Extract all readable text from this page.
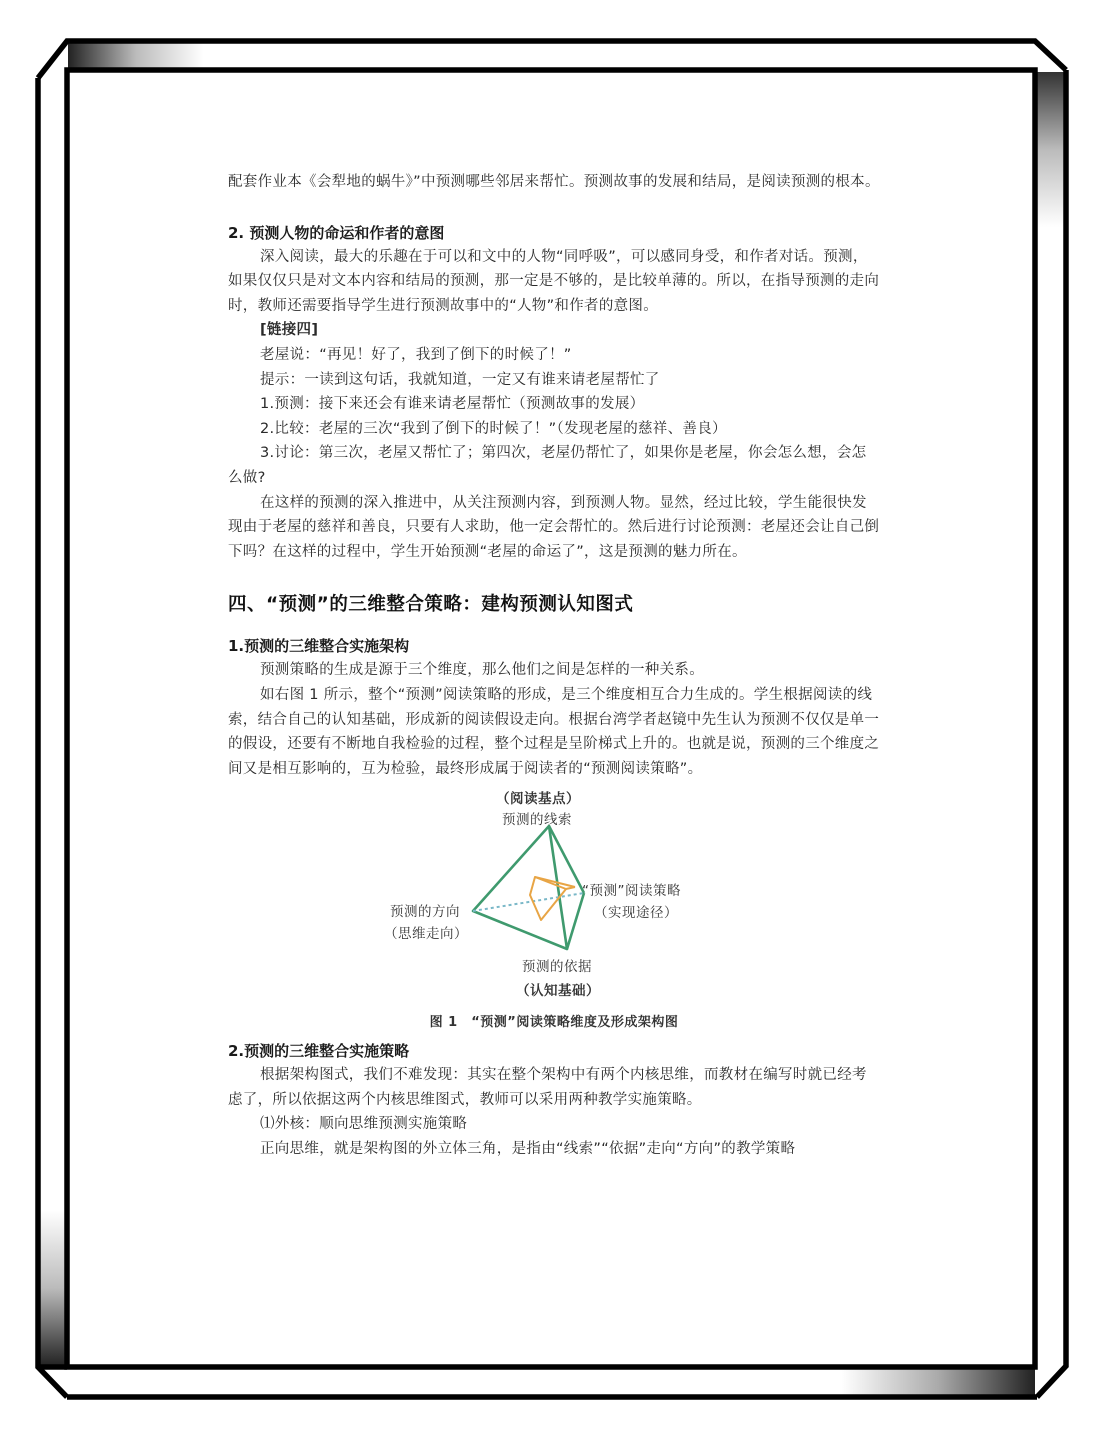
配套作业本《会犁地的蜗牛》”中预测哪些邻居来帮忙。预测故事的发展和结局，是阅读预测的根本。

2. 预测人物的命运和作者的意图

深入阅读，最大的乐趣在于可以和文中的人物“同呼吸”，可以感同身受，和作者对话。预测，如果仅仅只是对文本内容和结局的预测，那一定是不够的，是比较单薄的。所以，在指导预测的走向时，教师还需要指导学生进行预测故事中的“人物”和作者的意图。

[链接四]

老屋说：“再见！好了，我到了倒下的时候了！”

提示：一读到这句话，我就知道，一定又有谁来请老屋帮忙了

1.预测：接下来还会有谁来请老屋帮忙（预测故事的发展）

2.比较：老屋的三次“我到了倒下的时候了！”（发现老屋的慈祥、善良）

3.讨论：第三次，老屋又帮忙了；第四次，老屋仍帮忙了，如果你是老屋，你会怎么想，会怎么做?

在这样的预测的深入推进中，从关注预测内容，到预测人物。显然，经过比较，学生能很快发现由于老屋的慈祥和善良，只要有人求助，他一定会帮忙的。然后进行讨论预测：老屋还会让自己倒下吗？在这样的过程中，学生开始预测“老屋的命运了”，这是预测的魅力所在。

四、“预测”的三维整合策略：建构预测认知图式

1.预测的三维整合实施架构

预测策略的生成是源于三个维度，那么他们之间是怎样的一种关系。

如右图 1 所示，整个“预测”阅读策略的形成，是三个维度相互合力生成的。学生根据阅读的线索，结合自己的认知基础，形成新的阅读假设走向。根据台湾学者赵镜中先生认为预测不仅仅是单一的假设，还要有不断地自我检验的过程，整个过程是呈阶梯式上升的。也就是说，预测的三个维度之间又是相互影响的，互为检验，最终形成属于阅读者的“预测阅读策略”。

（阅读基点）
预测的线索
“预测”阅读策略
（实现途径）
预测的方向
（思维走向）
预测的依据
（认知基础）

图 1　“预测”阅读策略维度及形成架构图

2.预测的三维整合实施策略

根据架构图式，我们不难发现：其实在整个架构中有两个内核思维，而教材在编写时就已经考虑了，所以依据这两个内核思维图式，教师可以采用两种教学实施策略。

⑴外核：顺向思维预测实施策略

正向思维，就是架构图的外立体三角，是指由“线索”“依据”走向“方向”的教学策略
